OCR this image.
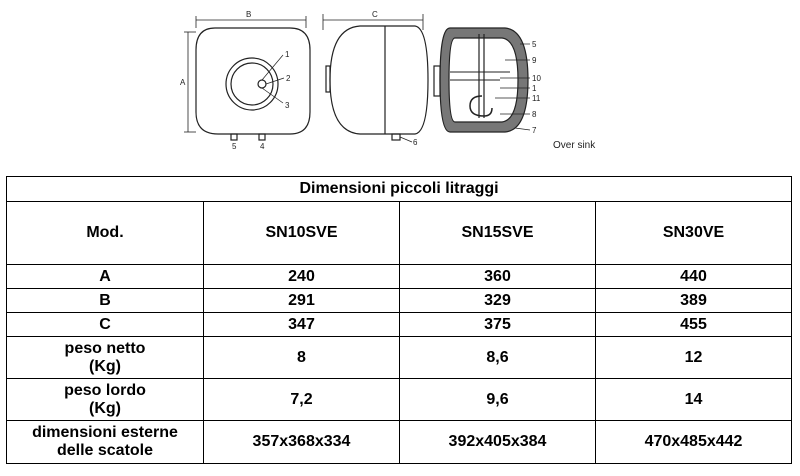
B
A
1
2
3
5	4
C
6
5
9
10
1
11
8
7
Over sink
Dimensioni piccoli litraggi			
Mod.	SN10SVE	SN15SVE	SN30VE
A	240	360	440
B	291	329	389
C	347	375	455
peso netto
(Kg)	8	8,6	12
peso lordo
(Kg)	7,2	9,6	14
dimensioni esterne
delle scatole	357x368x334	392x405x384	470x485x442
